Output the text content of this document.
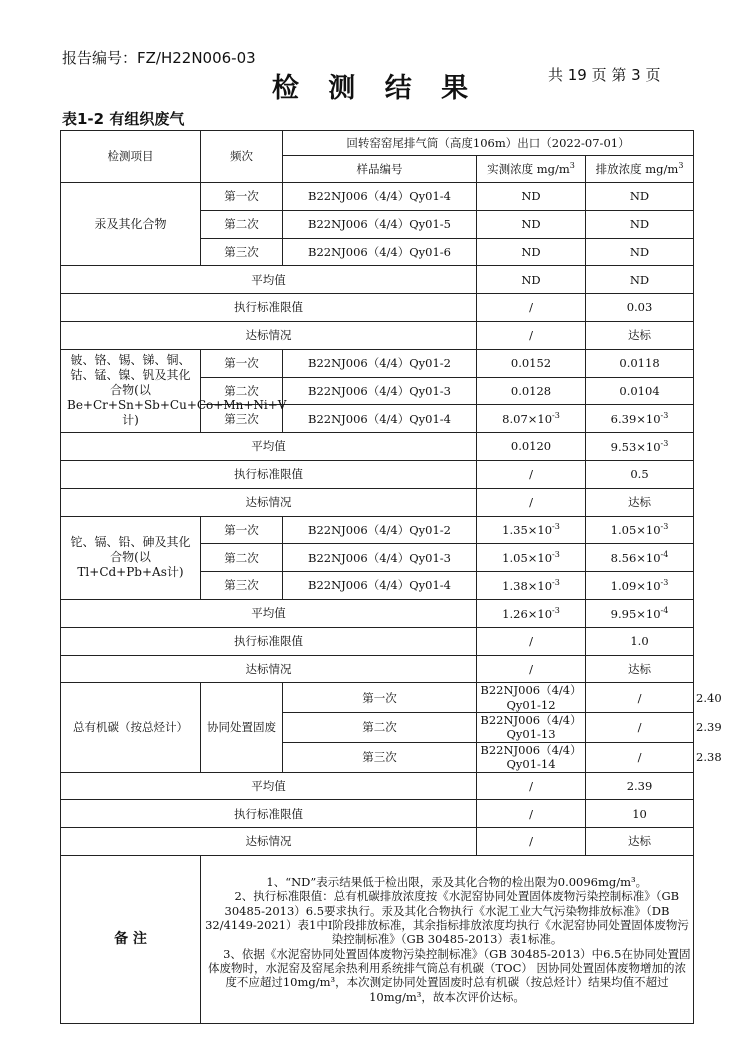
报告编号：FZ/H22N006-03
检 测 结 果	共 19 页 第 3 页
表1-2 有组织废气
检测项目	频次	回转窑窑尾排气筒（高度106m）出口（2022-07-01）			
		样品编号	实测浓度 $mg/m^3$	排放浓度 $mg/m^3$
汞及其化合物	第一次	B22NJ006（4/4）Qy01-4	ND	ND	
	第二次	B22NJ006（4/4）Qy01-5	ND	ND	
	第三次	B22NJ006（4/4）Qy01-6	ND	ND	
平均值			ND	ND	
执行标准限值			/	0.03	
达标情况			/	达标	
铍、铬、锡、锑、铜、钴、锰、镍、钒及其化合物(以Be+Cr+Sn+Sb+Cu+Co+Mn+Ni+V计)	第一次	B22NJ006（4/4）Qy01-2	0.0152	0.0118	
	第二次	B22NJ006（4/4）Qy01-3	0.0128	0.0104	
	第三次	B22NJ006（4/4）Qy01-4	$8.07\times 10^{-3}$	$6.39\times 10^{-3}$
平均值			0.0120	$9.53\times 10^{-3}$
执行标准限值			/	0.5	
达标情况			/	达标	
铊、镉、铅、砷及其化合物(以Tl+Cd+Pb+As计)	第一次	B22NJ006（4/4）Qy01-2	$1.35\times 10^{-3}$	$1.05\times 10^{-3}$
	第二次	B22NJ006（4/4）Qy01-3	$1.05\times 10^{-3}$	$8.56\times 10^{-4}$
	第三次	B22NJ006（4/4）Qy01-4	$1.38\times 10^{-3}$	$1.09\times 10^{-3}$
平均值			$1.26\times 10^{-3}$	$9.95\times 10^{-4}$
执行标准限值			/	1.0	
达标情况			/	达标	
总有机碳（按总烃计）	协同处置固废	第一次	B22NJ006（4/4）Qy01-12	/	2.40
		第二次	B22NJ006（4/4）Qy01-13	/	2.39
		第三次	B22NJ006（4/4）Qy01-14	/	2.38
平均值			/	2.39	
执行标准限值			/	10	
达标情况			/	达标	
备 注	1、“ND”表示结果低于检出限，汞及其化合物的检出限为0.0096mg/m³。
2、执行标准限值：总有机碳排放浓度按《水泥窑协同处置固体废物污染控制标准》（GB 30485-2013）6.5要求执行。汞及其化合物执行《水泥工业大气污染物排放标准》（DB 32/4149-2021）表1中Ⅰ阶段排放标准，其余指标排放浓度均执行《水泥窑协同处置固体废物污染控制标准》（GB 30485-2013）表1标准。
3、依据《水泥窑协同处置固体废物污染控制标准》（GB 30485-2013）中6.5在协同处置固体废物时，水泥窑及窑尾余热利用系统排气筒总有机碳（TOC） 因协同处置固体废物增加的浓度不应超过10mg/m³，本次测定协同处置固废时总有机碳（按总烃计）结果均值不超过10mg/m³，故本次评价达标。				
